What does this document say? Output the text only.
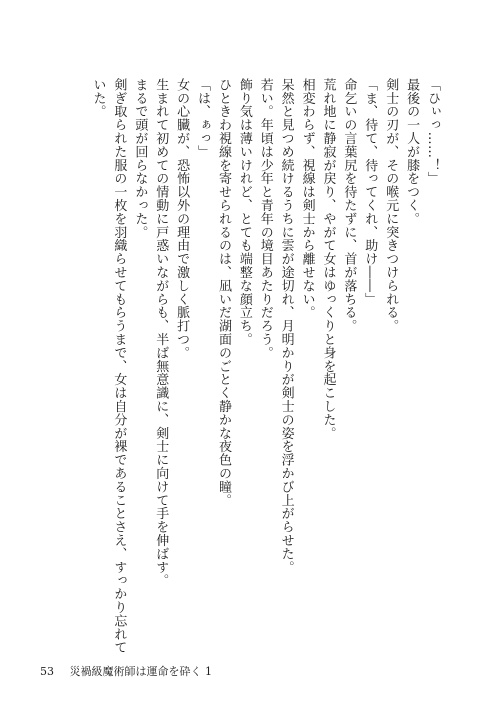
「ひぃっ……！」

最後の一人が膝をつく。

剣士の刃が、その喉元に突きつけられる。

「ま、待て、待ってくれ、助け――」

命乞いの言葉尻を待たずに、首が落ちる。

荒れ地に静寂が戻り、やがて女はゆっくりと身を起こした。

相変わらず、視線は剣士から離せない。

呆然と見つめ続けるうちに雲が途切れ、月明かりが剣士の姿を浮かび上がらせた。

若い。年頃は少年と青年の境目あたりだろう。

飾り気は薄いけれど、とても端整な顔立ち。

ひときわ視線を寄せられるのは、凪いだ湖面のごとく静かな夜色の瞳。

「は、ぁっ」

女の心臓が、恐怖以外の理由で激しく脈打つ。

生まれて初めての情動に戸惑いながらも、半ば無意識に、剣士に向けて手を伸ばす。

まるで頭が回らなかった。

剣ぎ取られた服の一枚を羽織らせてもらうまで、女は自分が裸であることさえ、すっかり忘れて

いた。

53 災禍級魔術師は運命を砕く 1
